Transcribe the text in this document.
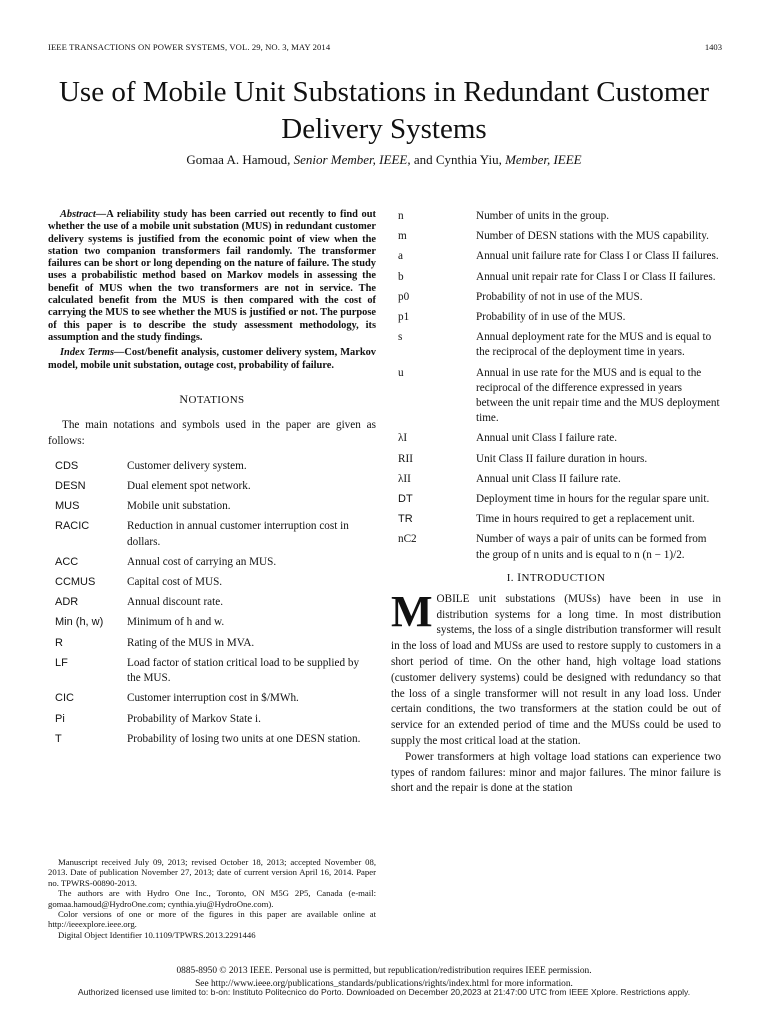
IEEE TRANSACTIONS ON POWER SYSTEMS, VOL. 29, NO. 3, MAY 2014	1403
Use of Mobile Unit Substations in Redundant Customer Delivery Systems
Gomaa A. Hamoud, Senior Member, IEEE, and Cynthia Yiu, Member, IEEE

Abstract—A reliability study has been carried out recently to find out whether the use of a mobile unit substation (MUS) in redundant customer delivery systems is justified from the economic point of view when the station two companion transformers fail randomly. The transformer failures can be short or long depending on the nature of failure. The study uses a probabilistic method based on Markov models in assessing the benefit of MUS when the two transformers are not in service. The calculated benefit from the MUS is then compared with the cost of carrying the MUS to see whether the MUS is justified or not. The purpose of this paper is to describe the study assessment methodology, its assumption and the study findings.

Index Terms—Cost/benefit analysis, customer delivery system, Markov model, mobile unit substation, outage cost, probability of failure.

NOTATIONS

The main notations and symbols used in the paper are given as follows:

CDS	Customer delivery system.
DESN	Dual element spot network.
MUS	Mobile unit substation.
RACIC	Reduction in annual customer interruption cost in dollars.
ACC	Annual cost of carrying an MUS.
CCMUS	Capital cost of MUS.
ADR	Annual discount rate.
Min (h, w)	Minimum of h and w.
R	Rating of the MUS in MVA.
LF	Load factor of station critical load to be supplied by the MUS.
CIC	Customer interruption cost in $/MWh.
Pi	Probability of Markov State i.
T	Probability of losing two units at one DESN station.
n	Number of units in the group.
m	Number of DESN stations with the MUS capability.
a	Annual unit failure rate for Class I or Class II failures.
b	Annual unit repair rate for Class I or Class II failures.
p0	Probability of not in use of the MUS.
p1	Probability of in use of the MUS.
s	Annual deployment rate for the MUS and is equal to the reciprocal of the deployment time in years.
u	Annual in use rate for the MUS and is equal to the reciprocal of the difference expressed in years between the unit repair time and the MUS deployment time.
λI	Annual unit Class I failure rate.
RII	Unit Class II failure duration in hours.
λII	Annual unit Class II failure rate.
DT	Deployment time in hours for the regular spare unit.
TR	Time in hours required to get a replacement unit.
nC2	Number of ways a pair of units can be formed from the group of n units and is equal to n (n − 1)/2.
I. INTRODUCTION

MOBILE unit substations (MUSs) have been in use in distribution systems for a long time. In most distribution systems, the loss of a single distribution transformer will result in the loss of load and MUSs are used to restore supply to customers in a short period of time. On the other hand, high voltage load stations (customer delivery systems) could be designed with redundancy so that the loss of a single transformer will not result in any load loss. Under certain conditions, the two transformers at the station could be out of service for an extended period of time and the MUSs could be used to supply the most critical load at the station.

Power transformers at high voltage load stations can experience two types of random failures: minor and major failures. The minor failure is short and the repair is done at the station

Manuscript received July 09, 2013; revised October 18, 2013; accepted November 08, 2013. Date of publication November 27, 2013; date of current version April 16, 2014. Paper no. TPWRS-00890-2013.

The authors are with Hydro One Inc., Toronto, ON M5G 2P5, Canada (e-mail: gomaa.hamoud@HydroOne.com; cynthia.yiu@HydroOne.com).

Color versions of one or more of the figures in this paper are available online at http://ieeexplore.ieee.org.

Digital Object Identifier 10.1109/TPWRS.2013.2291446

0885-8950 © 2013 IEEE. Personal use is permitted, but republication/redistribution requires IEEE permission.
See http://www.ieee.org/publications_standards/publications/rights/index.html for more information.
Authorized licensed use limited to: b-on: Instituto Politecnico do Porto. Downloaded on December 20,2023 at 21:47:00 UTC from IEEE Xplore. Restrictions apply.
